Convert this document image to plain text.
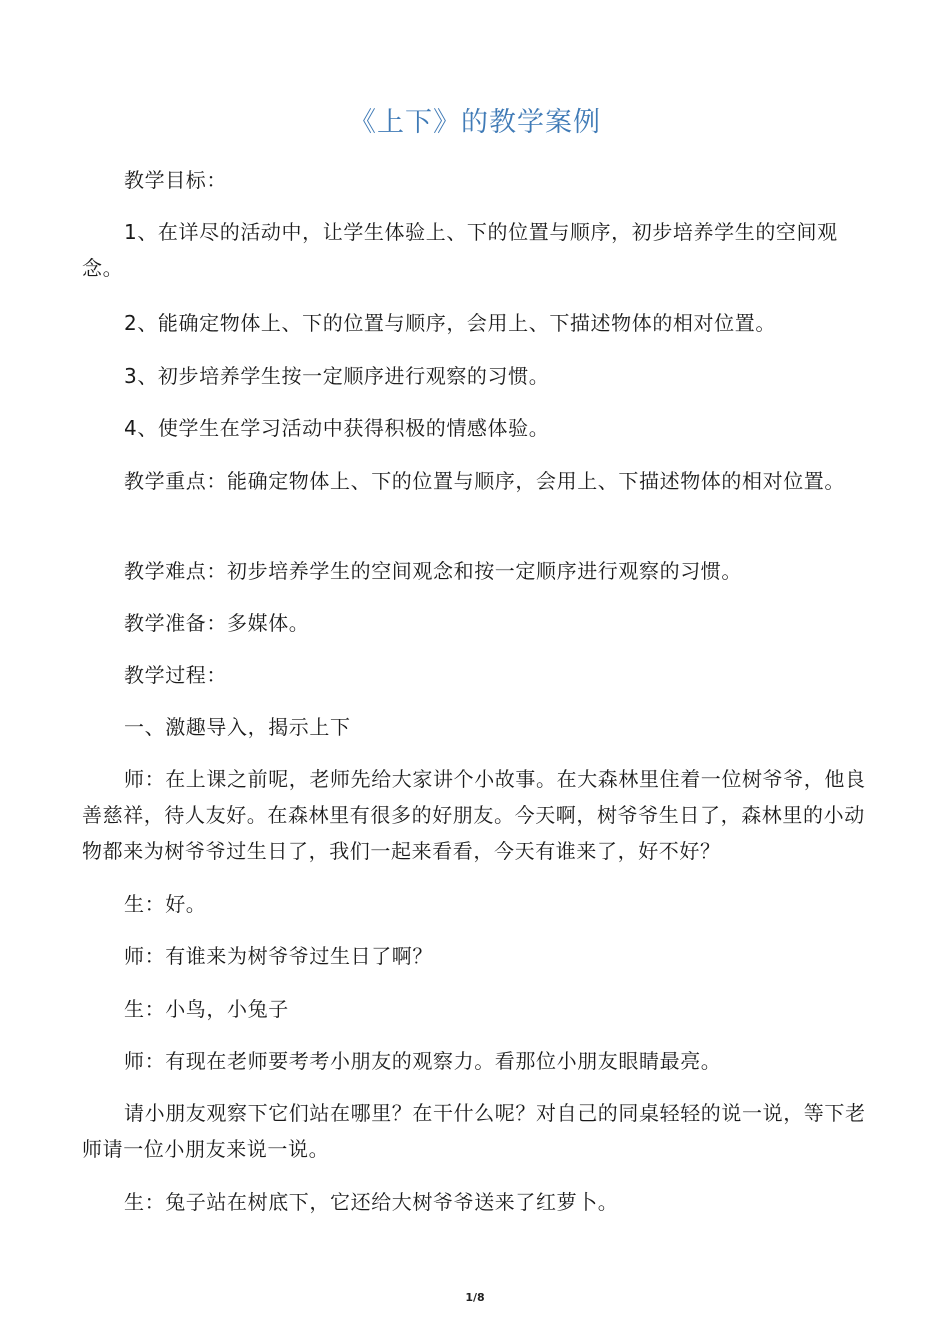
《上下》的教学案例
教学目标：
1、在详尽的活动中，让学生体验上、下的位置与顺序，初步培养学生的空间观念。
2、能确定物体上、下的位置与顺序，会用上、下描述物体的相对位置。
3、初步培养学生按一定顺序进行观察的习惯。
4、使学生在学习活动中获得积极的情感体验。
教学重点：能确定物体上、下的位置与顺序，会用上、下描述物体的相对位置。
教学难点：初步培养学生的空间观念和按一定顺序进行观察的习惯。
教学准备：多媒体。
教学过程：
一、激趣导入，揭示上下
师：在上课之前呢，老师先给大家讲个小故事。在大森林里住着一位树爷爷，他良善慈祥，待人友好。在森林里有很多的好朋友。今天啊，树爷爷生日了，森林里的小动物都来为树爷爷过生日了，我们一起来看看，今天有谁来了，好不好？
生：好。
师：有谁来为树爷爷过生日了啊？
生：小鸟，小兔子
师：有现在老师要考考小朋友的观察力。看那位小朋友眼睛最亮。
请小朋友观察下它们站在哪里？在干什么呢？对自己的同桌轻轻的说一说，等下老师请一位小朋友来说一说。
生：兔子站在树底下，它还给大树爷爷送来了红萝卜。
1/8
